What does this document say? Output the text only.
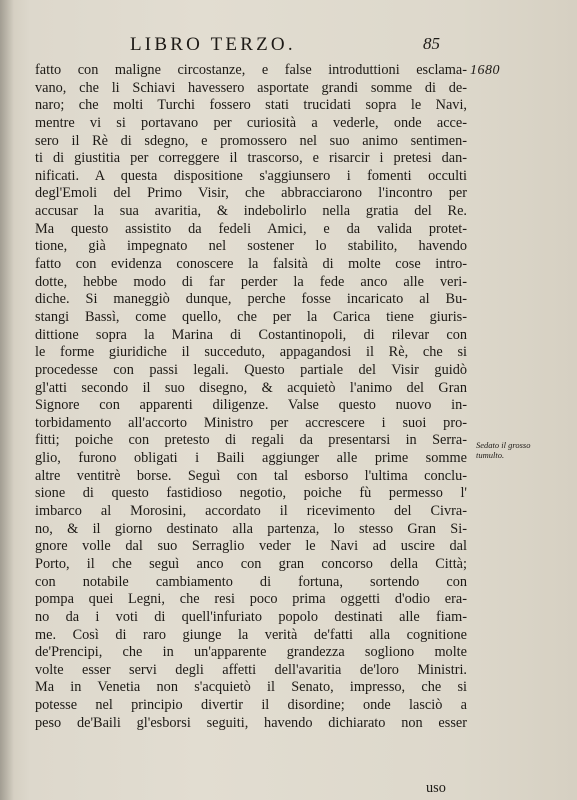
LIBRO TERZO.	85
1680
Sedato il grosso tumulto.
fatto con maligne circostanze, e false introduttioni esclama-
vano, che li Schiavi havessero asportate grandi somme di de-
naro; che molti Turchi fossero stati trucidati sopra le Navi,
mentre vi si portavano per curiosità a vederle, onde acce-
sero il Rè di sdegno, e promossero nel suo animo sentimen-
ti di giustitia per correggere il trascorso, e risarcir i pretesi dan-
nificati. A questa dispositione s'aggiunsero i fomenti occulti
degl'Emoli del Primo Visir, che abbracciarono l'incontro per
accusar la sua avaritia, & indebolirlo nella gratia del Re.
Ma questo assistito da fedeli Amici, e da valida protet-
tione, già impegnato nel sostener lo stabilito, havendo
fatto con evidenza conoscere la falsità di molte cose intro-
dotte, hebbe modo di far perder la fede anco alle veri-
diche. Si maneggiò dunque, perche fosse incaricato al Bu-
stangi Bassì, come quello, che per la Carica tiene giuris-
dittione sopra la Marina di Costantinopoli, di rilevar con
le forme giuridiche il succeduto, appagandosi il Rè, che si
procedesse con passi legali. Questo partiale del Visir guidò
gl'atti secondo il suo disegno, & acquietò l'animo del Gran
Signore con apparenti diligenze. Valse questo nuovo in-
torbidamento all'accorto Ministro per accrescere i suoi pro-
fitti; poiche con pretesto di regali da presentarsi in Serra-
glio, furono obligati i Baili aggiunger alle prime somme
altre ventitrè borse. Seguì con tal esborso l'ultima conclu-
sione di questo fastidioso negotio, poiche fù permesso l'
imbarco al Morosini, accordato il ricevimento del Civra-
no, & il giorno destinato alla partenza, lo stesso Gran Si-
gnore volle dal suo Serraglio veder le Navi ad uscire dal
Porto, il che seguì anco con gran concorso della Città;
con notabile cambiamento di fortuna, sortendo con
pompa quei Legni, che resi poco prima oggetti d'odio era-
no da i voti di quell'infuriato popolo destinati alle fiam-
me. Così di raro giunge la verità de'fatti alla cognitione
de'Prencipi, che in un'apparente grandezza sogliono molte
volte esser servi degli affetti dell'avaritia de'loro Ministri.
Ma in Venetia non s'acquietò il Senato, impresso, che si
potesse nel principio divertir il disordine; onde lasciò a
peso de'Baili gl'esborsi seguiti, havendo dichiarato non esser
uso
